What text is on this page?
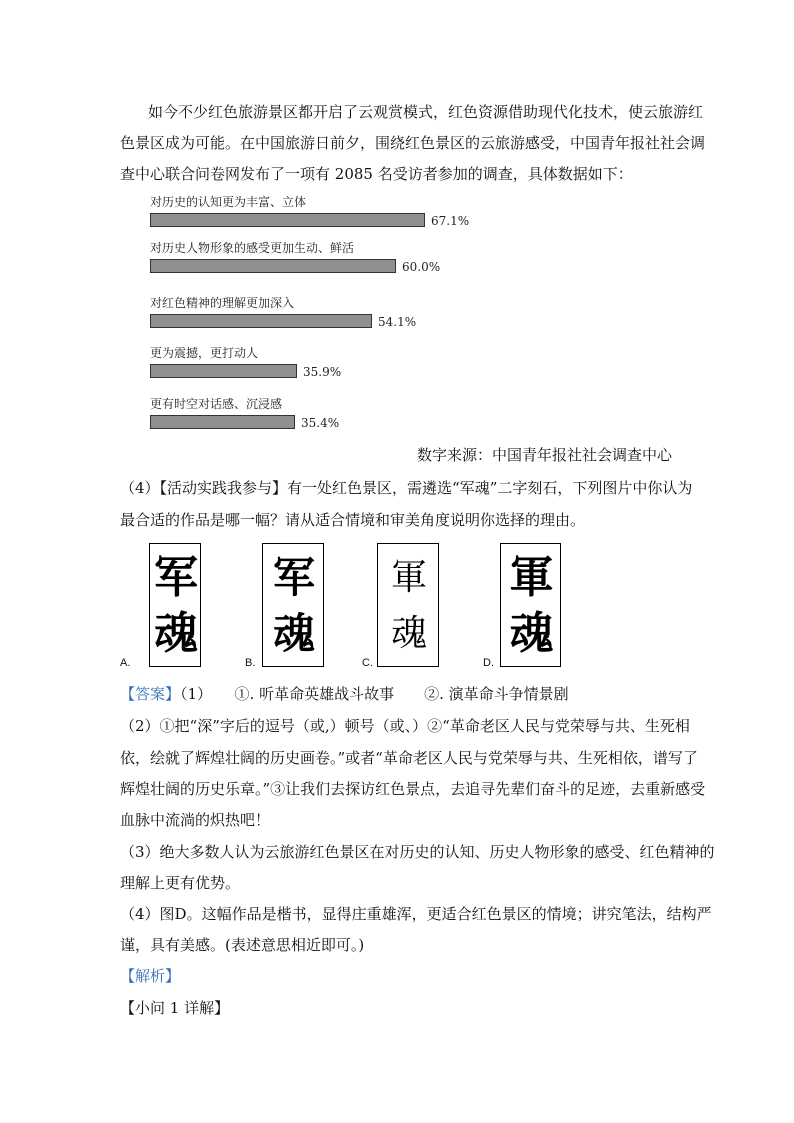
如今不少红色旅游景区都开启了云观赏模式，红色资源借助现代化技术，使云旅游红
色景区成为可能。在中国旅游日前夕，围绕红色景区的云旅游感受，中国青年报社社会调
查中心联合问卷网发布了一项有 2085 名受访者参加的调查，具体数据如下：
对历史的认知更为丰富、立体
67.1%
对历史人物形象的感受更加生动、鲜活
60.0%
对红色精神的理解更加深入
54.1%
更为震撼，更打动人
35.9%
更有时空对话感、沉浸感
35.4%
数字来源：中国青年报社社会调查中心
（4）【活动实践我参与】有一处红色景区，需遴选“军魂”二字刻石，下列图片中你认为
最合适的作品是哪一幅？请从适合情境和审美角度说明你选择的理由。
军
魂
A.
军
魂
B.
軍
魂
C.
軍
魂
D.
【答案】（1）　　①. 听革命英雄战斗故事　　②. 演革命斗争情景剧
（2）①把“深”字后的逗号（或,）顿号（或、）②“革命老区人民与党荣辱与共、生死相
依，绘就了辉煌壮阔的历史画卷。”或者“革命老区人民与党荣辱与共、生死相依，谱写了
辉煌壮阔的历史乐章。”③让我们去探访红色景点，去追寻先辈们奋斗的足迹，去重新感受
血脉中流淌的炽热吧！
（3）绝大多数人认为云旅游红色景区在对历史的认知、历史人物形象的感受、红色精神的
理解上更有优势。
（4）图D。这幅作品是楷书，显得庄重雄浑，更适合红色景区的情境；讲究笔法，结构严
谨，具有美感。(表述意思相近即可。)
【解析】
【小问 1 详解】
